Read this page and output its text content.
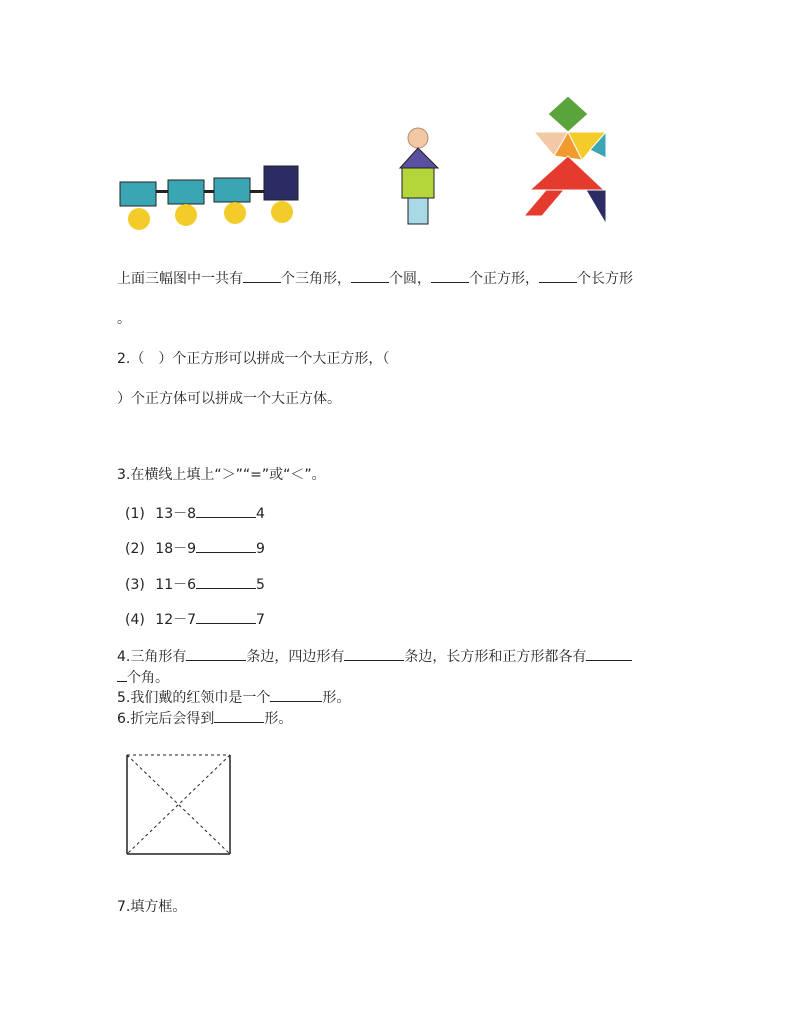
上面三幅图中一共有	个三角形，	个圆，	个正方形，	个长方形
。
2.（　）个正方形可以拼成一个大正方形，（
）个正方体可以拼成一个大正方体。
3.在横线上填上“＞”“=”或“＜”。
(1) 13－8	4
(2) 18－9	9
(3) 11－6	5
(4) 12－7	7
4.三角形有	条边，四边形有	条边，长方形和正方形都各有
个角。
5.我们戴的红领巾是一个	形。
6.折完后会得到	形。
7.填方框。
